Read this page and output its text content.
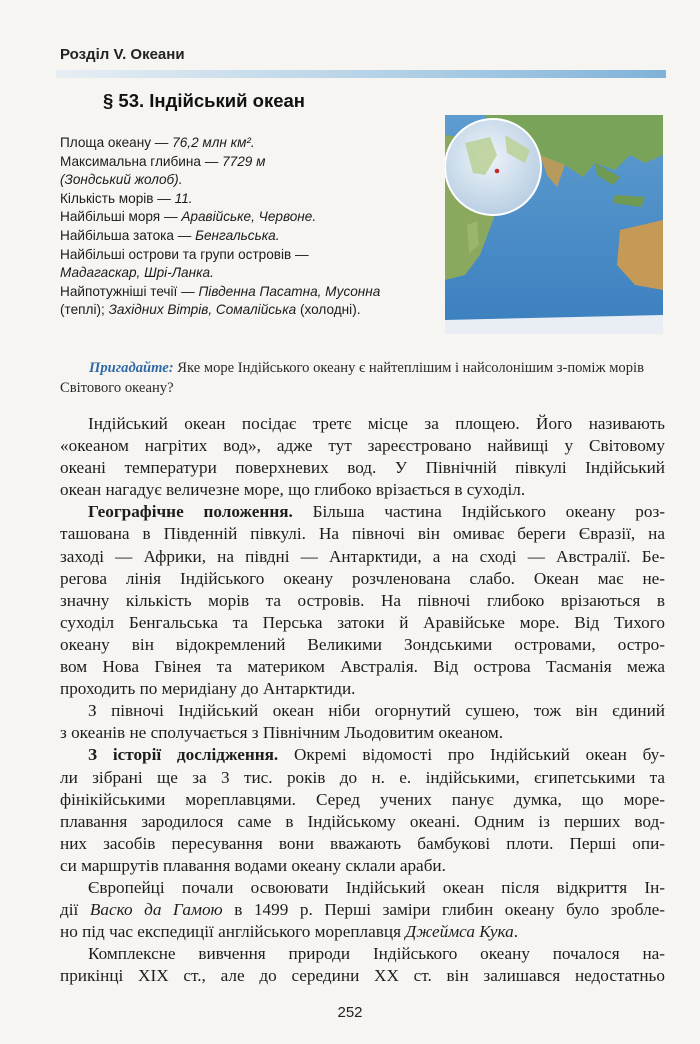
Розділ V. Океани
§ 53. Індійський океан
Площа океану — 76,2 млн км².
Максимальна глибина — 7729 м
(Зондський жолоб).
Кількість морів — 11.
Найбільші моря — Аравійське, Червоне.
Найбільша затока — Бенгальська.
Найбільші острови та групи островів —
Мадагаскар, Шрі-Ланка.
Найпотужніші течії — Південна Пасатна, Мусонна
(теплі); Західних Вітрів, Сомалійська (холодні).
Пригадайте: Яке море Індійського океану є найтеплішим і найсолонішим з-поміж морів Світового океану?
Індійський океан посідає третє місце за площею. Його називають
«океаном нагрітих вод», адже тут зареєстровано найвищі у Світовому
океані температури поверхневих вод. У Північній півкулі Індійський
океан нагадує величезне море, що глибоко врізається в суходіл.
Географічне положення. Більша частина Індійського океану роз-
ташована в Південній півкулі. На півночі він омиває береги Євразії, на
заході — Африки, на півдні — Антарктиди, а на сході — Австралії. Бе-
регова лінія Індійського океану розчленована слабо. Океан має не-
значну кількість морів та островів. На півночі глибоко врізаються в
суходіл Бенгальська та Перська затоки й Аравійське море. Від Тихого
океану він відокремлений Великими Зондськими островами, остро-
вом Нова Гвінея та материком Австралія. Від острова Тасманія межа
проходить по меридіану до Антарктиди.
З півночі Індійський океан ніби огорнутий сушею, тож він єдиний
з океанів не сполучається з Північним Льодовитим океаном.
З історії дослідження. Окремі відомості про Індійський океан бу-
ли зібрані ще за 3 тис. років до н. е. індійськими, єгипетськими та
фінікійськими мореплавцями. Серед учених панує думка, що море-
плавання зародилося саме в Індійському океані. Одним із перших вод-
них засобів пересування вони вважають бамбукові плоти. Перші опи-
си маршрутів плавання водами океану склали араби.
Європейці почали освоювати Індійський океан після відкриття Ін-
дії Васко да Гамою в 1499 р. Перші заміри глибин океану було зробле-
но під час експедиції англійського мореплавця Джеймса Кука.
Комплексне вивчення природи Індійського океану почалося на-
прикінці XIX ст., але до середини XX ст. він залишався недостатньо
252
